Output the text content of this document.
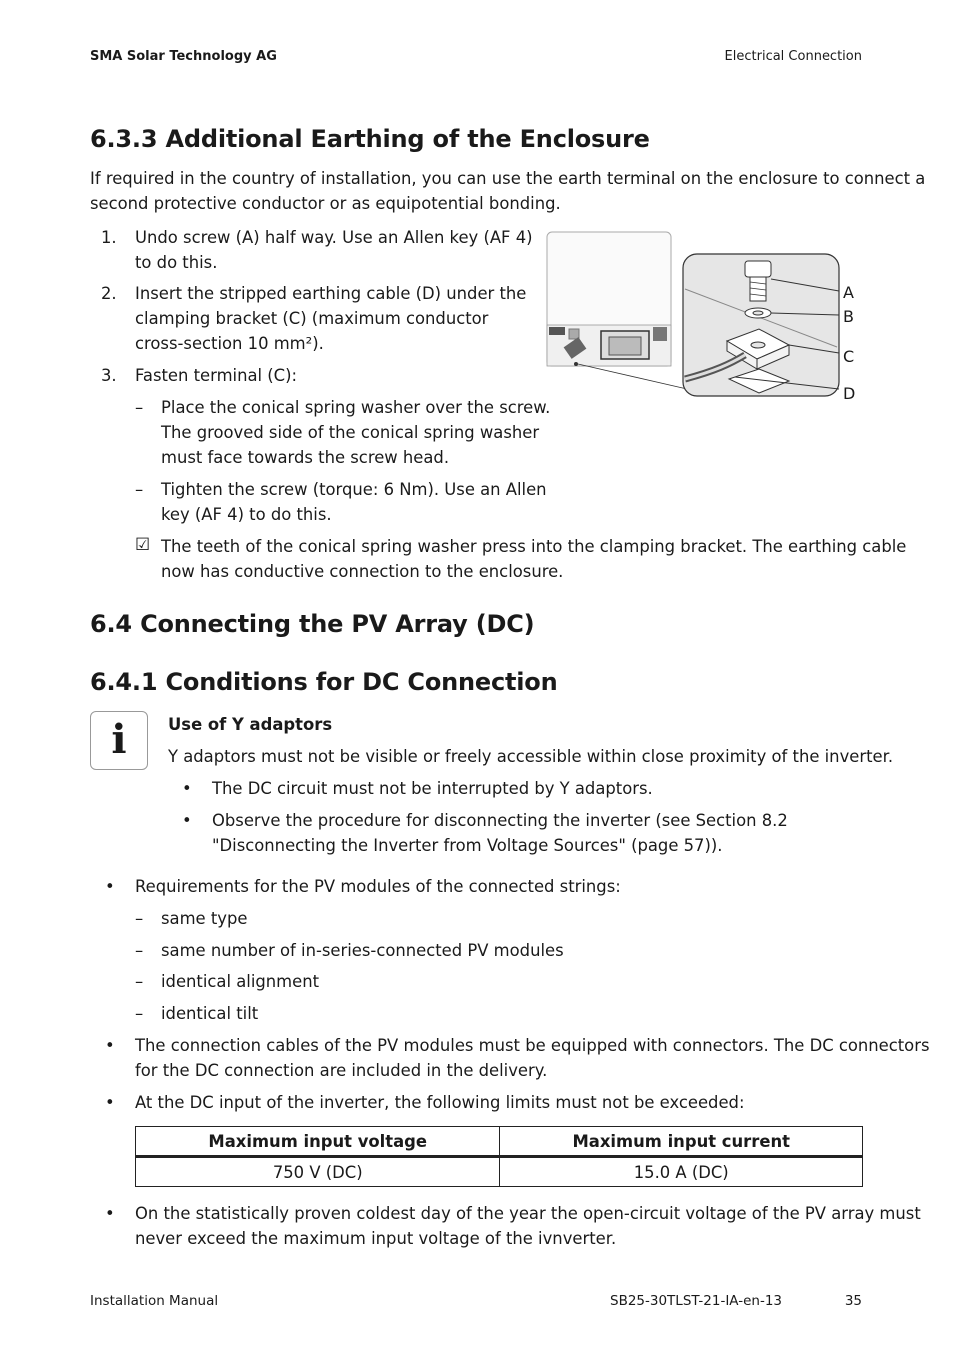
SMA Solar Technology AG	Electrical Connection
6.3.3 Additional Earthing of the Enclosure
If required in the country of installation, you can use the earth terminal on the enclosure to connect a
second protective conductor or as equipotential bonding.
1. Undo screw (A) half way. Use an Allen key (AF 4)
to do this.
2. Insert the stripped earthing cable (D) under the
clamping bracket (C) (maximum conductor
cross-section 10 mm²).
3. Fasten terminal (C):
– Place the conical spring washer over the screw.
The grooved side of the conical spring washer
must face towards the screw head.
– Tighten the screw (torque: 6 Nm). Use an Allen
key (AF 4) to do this.
☑ The teeth of the conical spring washer press into the clamping bracket. The earthing cable
now has conductive connection to the enclosure.
A
B
C
D
6.4 Connecting the PV Array (DC)
6.4.1 Conditions for DC Connection
i	Use of Y adaptors
Y adaptors must not be visible or freely accessible within close proximity of the inverter.
• The DC circuit must not be interrupted by Y adaptors.
• Observe the procedure for disconnecting the inverter (see Section 8.2
"Disconnecting the Inverter from Voltage Sources" (page 57)).
• Requirements for the PV modules of the connected strings:
– same type
– same number of in-series-connected PV modules
– identical alignment
– identical tilt
• The connection cables of the PV modules must be equipped with connectors. The DC connectors
for the DC connection are included in the delivery.
• At the DC input of the inverter, the following limits must not be exceeded:
Maximum input voltage	Maximum input current
750 V (DC)	15.0 A (DC)
• On the statistically proven coldest day of the year the open-circuit voltage of the PV array must
never exceed the maximum input voltage of the ivnverter.
Installation Manual	SB25-30TLST-21-IA-en-13	35
